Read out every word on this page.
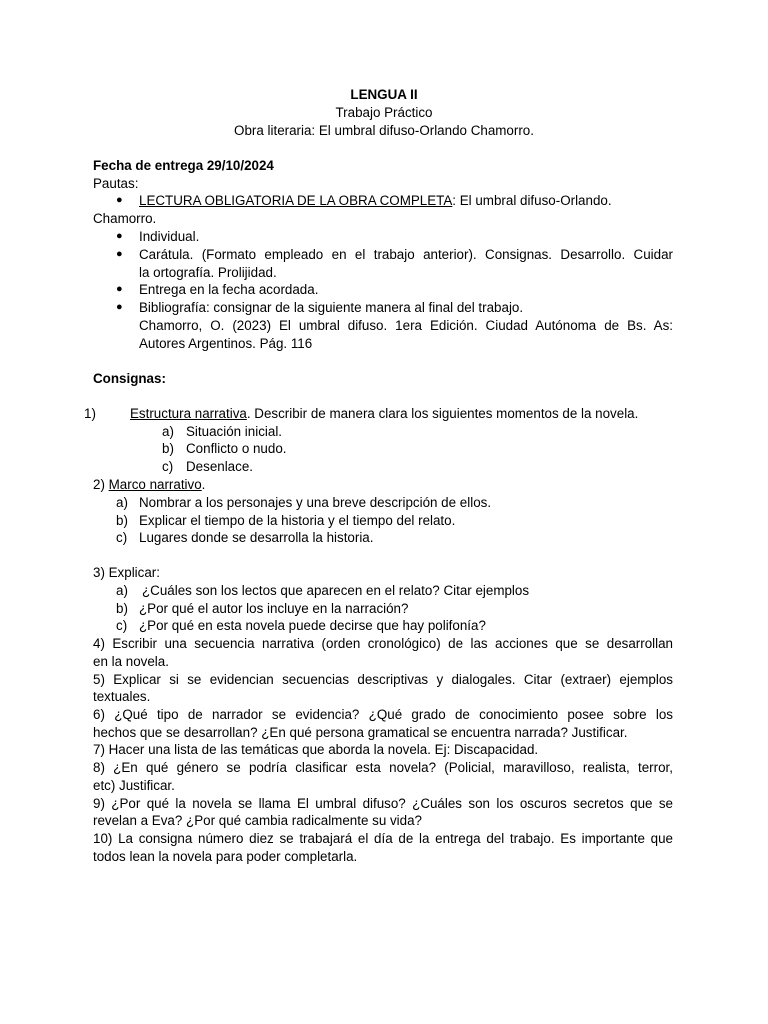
LENGUA II
Trabajo Práctico
Obra literaria: El umbral difuso-Orlando Chamorro.
Fecha de entrega 29/10/2024
Pautas:
● LECTURA OBLIGATORIA DE LA OBRA COMPLETA: El umbral difuso-Orlando.
Chamorro.
● Individual.
● Carátula. (Formato empleado en el trabajo anterior). Consignas. Desarrollo. Cuidar
la ortografía. Prolijidad.
● Entrega en la fecha acordada.
● Bibliografía: consignar de la siguiente manera al final del trabajo.
Chamorro, O. (2023) El umbral difuso. 1era Edición. Ciudad Autónoma de Bs. As:
Autores Argentinos. Pág. 116
Consignas:
1)	Estructura narrativa. Describir de manera clara los siguientes momentos de la novela.
a) Situación inicial.
b) Conflicto o nudo.
c) Desenlace.
2) Marco narrativo.
a) Nombrar a los personajes y una breve descripción de ellos.
b) Explicar el tiempo de la historia y el tiempo del relato.
c) Lugares donde se desarrolla la historia.
3) Explicar:
a) ¿Cuáles son los lectos que aparecen en el relato? Citar ejemplos
b) ¿Por qué el autor los incluye en la narración?
c) ¿Por qué en esta novela puede decirse que hay polifonía?
4) Escribir una secuencia narrativa (orden cronológico) de las acciones que se desarrollan
en la novela.
5) Explicar si se evidencian secuencias descriptivas y dialogales. Citar (extraer) ejemplos
textuales.
6) ¿Qué tipo de narrador se evidencia? ¿Qué grado de conocimiento posee sobre los
hechos que se desarrollan? ¿En qué persona gramatical se encuentra narrada? Justificar.
7) Hacer una lista de las temáticas que aborda la novela. Ej: Discapacidad.
8) ¿En qué género se podría clasificar esta novela? (Policial, maravilloso, realista, terror,
etc) Justificar.
9) ¿Por qué la novela se llama El umbral difuso? ¿Cuáles son los oscuros secretos que se
revelan a Eva? ¿Por qué cambia radicalmente su vida?
10) La consigna número diez se trabajará el día de la entrega del trabajo. Es importante que
todos lean la novela para poder completarla.
